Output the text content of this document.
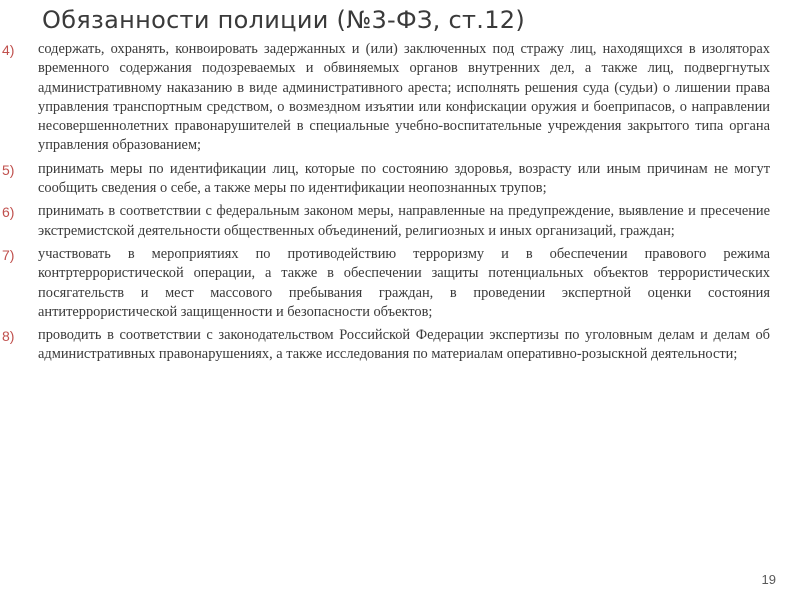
Обязанности полиции (№3-ФЗ, ст.12)
4) содержать, охранять, конвоировать задержанных и (или) заключенных под стражу лиц, находящихся в изоляторах временного содержания подозреваемых и обвиняемых органов внутренних дел, а также лиц, подвергнутых административному наказанию в виде административного ареста; исполнять решения суда (судьи) о лишении права управления транспортным средством, о возмездном изъятии или конфискации оружия и боеприпасов, о направлении несовершеннолетних правонарушителей в специальные учебно-воспитательные учреждения закрытого типа органа управления образованием;
5) принимать меры по идентификации лиц, которые по состоянию здоровья, возрасту или иным причинам не могут сообщить сведения о себе, а также меры по идентификации неопознанных трупов;
6) принимать в соответствии с федеральным законом меры, направленные на предупреждение, выявление и пресечение экстремистской деятельности общественных объединений, религиозных и иных организаций, граждан;
7) участвовать в мероприятиях по противодействию терроризму и в обеспечении правового режима контртеррористической операции, а также в обеспечении защиты потенциальных объектов террористических посягательств и мест массового пребывания граждан, в проведении экспертной оценки состояния антитеррористической защищенности и безопасности объектов;
8) проводить в соответствии с законодательством Российской Федерации экспертизы по уголовным делам и делам об административных правонарушениях, а также исследования по материалам оперативно-розыскной деятельности;
19
